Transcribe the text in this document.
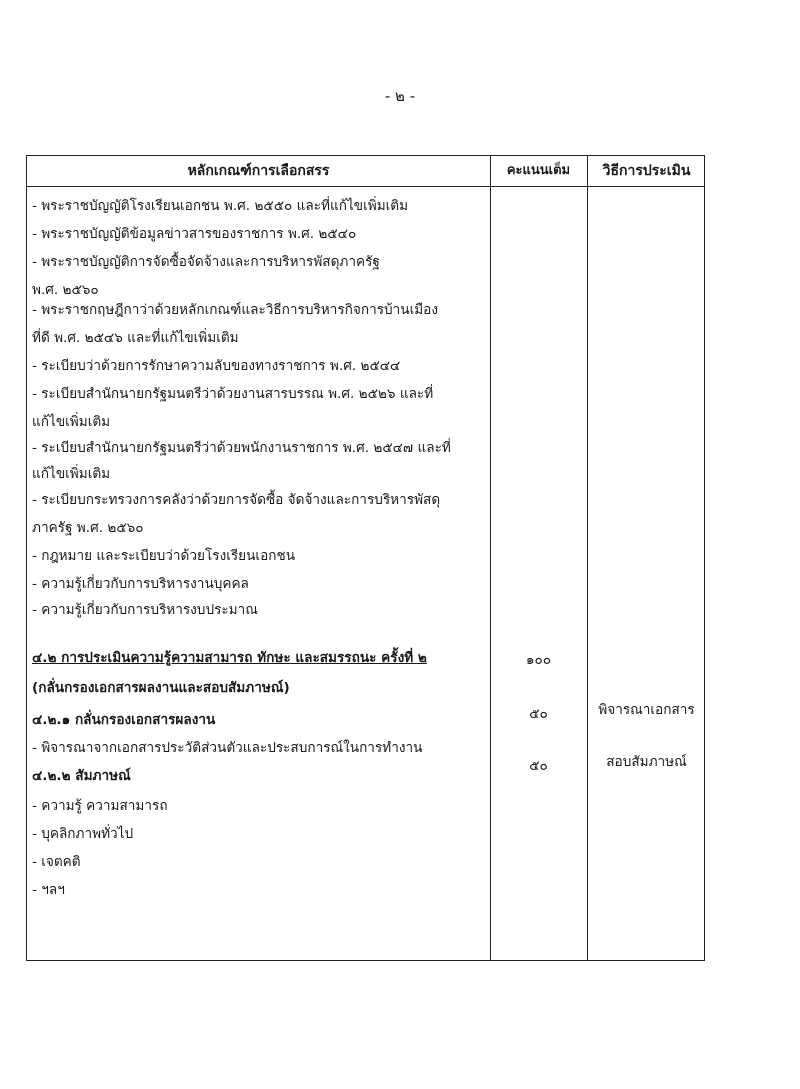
- ๒ -
หลักเกณฑ์การเลือกสรร	คะแนนเต็ม	วิธีการประเมิน
- พระราชบัญญัติโรงเรียนเอกชน พ.ศ. ๒๕๕๐ และที่แก้ไขเพิ่มเติม
- พระราชบัญญัติข้อมูลข่าวสารของราชการ พ.ศ. ๒๕๔๐
- พระราชบัญญัติการจัดซื้อจัดจ้างและการบริหารพัสดุภาครัฐ
พ.ศ. ๒๕๖๐
- พระราชกฤษฎีกาว่าด้วยหลักเกณฑ์และวิธีการบริหารกิจการบ้านเมือง
ที่ดี พ.ศ. ๒๕๔๖ และที่แก้ไขเพิ่มเติม
- ระเบียบว่าด้วยการรักษาความลับของทางราชการ พ.ศ. ๒๕๔๔
- ระเบียบสำนักนายกรัฐมนตรีว่าด้วยงานสารบรรณ พ.ศ. ๒๕๒๖ และที่
แก้ไขเพิ่มเติม
- ระเบียบสำนักนายกรัฐมนตรีว่าด้วยพนักงานราชการ พ.ศ. ๒๕๔๗ และที่
แก้ไขเพิ่มเติม
- ระเบียบกระทรวงการคลังว่าด้วยการจัดซื้อ จัดจ้างและการบริหารพัสดุ
ภาครัฐ พ.ศ. ๒๕๖๐
- กฎหมาย และระเบียบว่าด้วยโรงเรียนเอกชน
- ความรู้เกี่ยวกับการบริหารงานบุคคล
- ความรู้เกี่ยวกับการบริหารงบประมาณ
๔.๒ การประเมินความรู้ความสามารถ ทักษะ และสมรรถนะ ครั้งที่ ๒
(กลั่นกรองเอกสารผลงานและสอบสัมภาษณ์)
๔.๒.๑ กลั่นกรองเอกสารผลงาน
- พิจารณาจากเอกสารประวัติส่วนตัวและประสบการณ์ในการทำงาน
๔.๒.๒ สัมภาษณ์
- ความรู้ ความสามารถ
- บุคลิกภาพทั่วไป
- เจตคติ
- ฯลฯ
๑๐๐
๕๐
๕๐
พิจารณาเอกสาร
สอบสัมภาษณ์
